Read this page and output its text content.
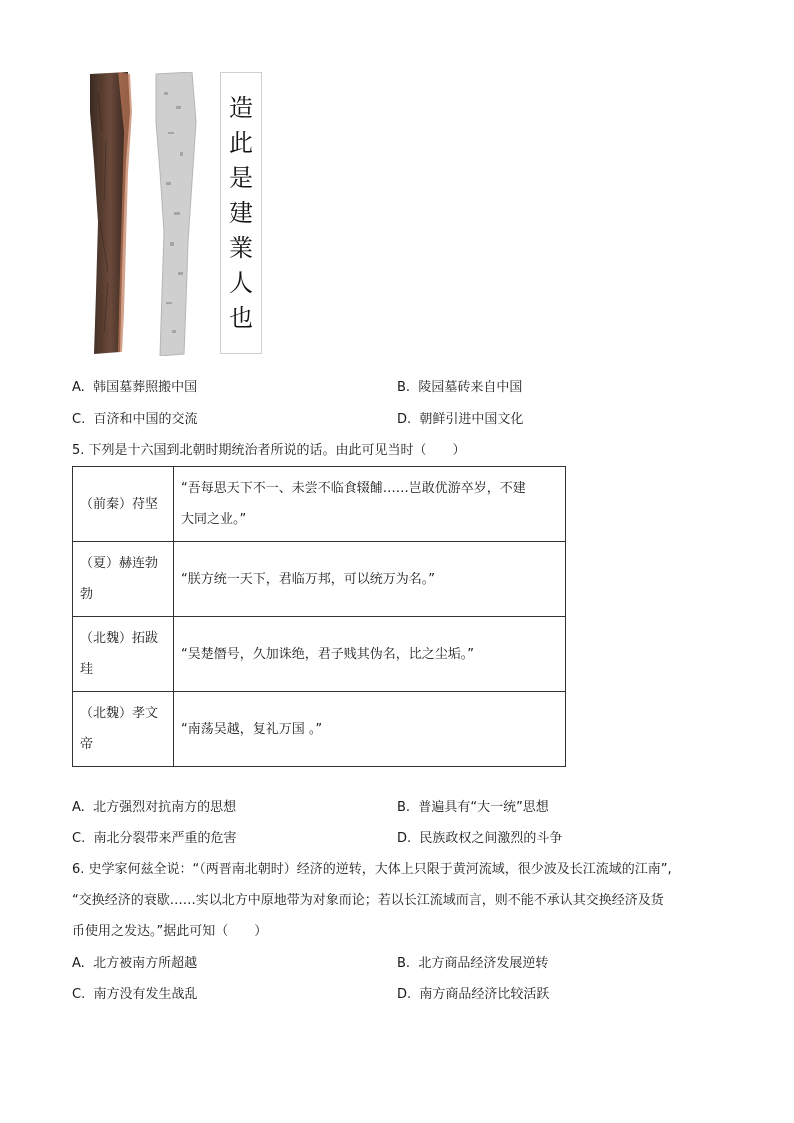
造
此
是
建
業
人
也
A. 韩国墓葬照搬中国	B. 陵园墓砖来自中国
C. 百济和中国的交流	D. 朝鲜引进中国文化
5. 下列是十六国到北朝时期统治者所说的话。由此可见当时（　　）
（前秦）苻坚	“吾每思天下不一、未尝不临食辍餔……岂敢优游卒岁，不建
大同之业。”
（夏）赫连勃
勃	“朕方统一天下，君临万邦，可以统万为名。”
（北魏）拓跋
珪	“吴楚僭号，久加诛绝，君子贱其伪名，比之尘垢。”
（北魏）孝文
帝	“南荡吴越，复礼万国 。”
A. 北方强烈对抗南方的思想	B. 普遍具有“大一统”思想
C. 南北分裂带来严重的危害	D. 民族政权之间激烈的斗争
6. 史学家何兹全说：“（两晋南北朝时）经济的逆转，大体上只限于黄河流域，很少波及长江流域的江南”,
“交换经济的衰歇……实以北方中原地带为对象而论；若以长江流域而言，则不能不承认其交换经济及货
币使用之发达。”据此可知（　　）
A. 北方被南方所超越	B. 北方商品经济发展逆转
C. 南方没有发生战乱	D. 南方商品经济比较活跃
